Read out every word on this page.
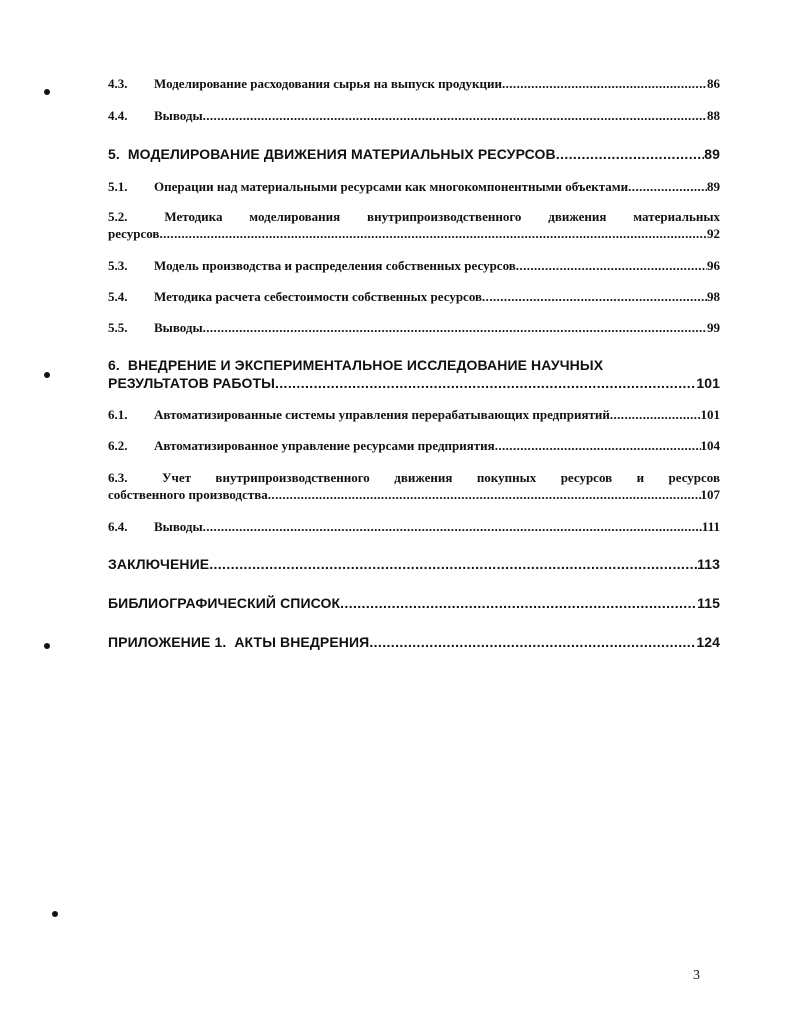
4.3.	Моделирование расходования сырья на выпуск продукции .....	86
4.4.	Выводы .....	88
5. МОДЕЛИРОВАНИЕ ДВИЖЕНИЯ МАТЕРИАЛЬНЫХ РЕСУРСОВ .....	89
5.1.	Операции над материальными ресурсами как многокомпонентными объектами .....	89
5.2.	Методика моделирования внутрипроизводственного движения материальных
ресурсов .....	92
5.3.	Модель производства и распределения собственных ресурсов .....	96
5.4.	Методика расчета себестоимости собственных ресурсов .....	98
5.5.	Выводы .....	99
6. ВНЕДРЕНИЕ И ЭКСПЕРИМЕНТАЛЬНОЕ ИССЛЕДОВАНИЕ НАУЧНЫХ
РЕЗУЛЬТАТОВ РАБОТЫ .....	101
6.1.	Автоматизированные системы управления перерабатывающих предприятий .....	101
6.2.	Автоматизированное управление ресурсами предприятия .....	104
6.3.	Учет внутрипроизводственного движения покупных ресурсов и ресурсов
собственного производства .....	107
6.4.	Выводы .....	111
ЗАКЛЮЧЕНИЕ .....	113
БИБЛИОГРАФИЧЕСКИЙ СПИСОК .....	115
ПРИЛОЖЕНИЕ 1.  АКТЫ ВНЕДРЕНИЯ .....	124
3
